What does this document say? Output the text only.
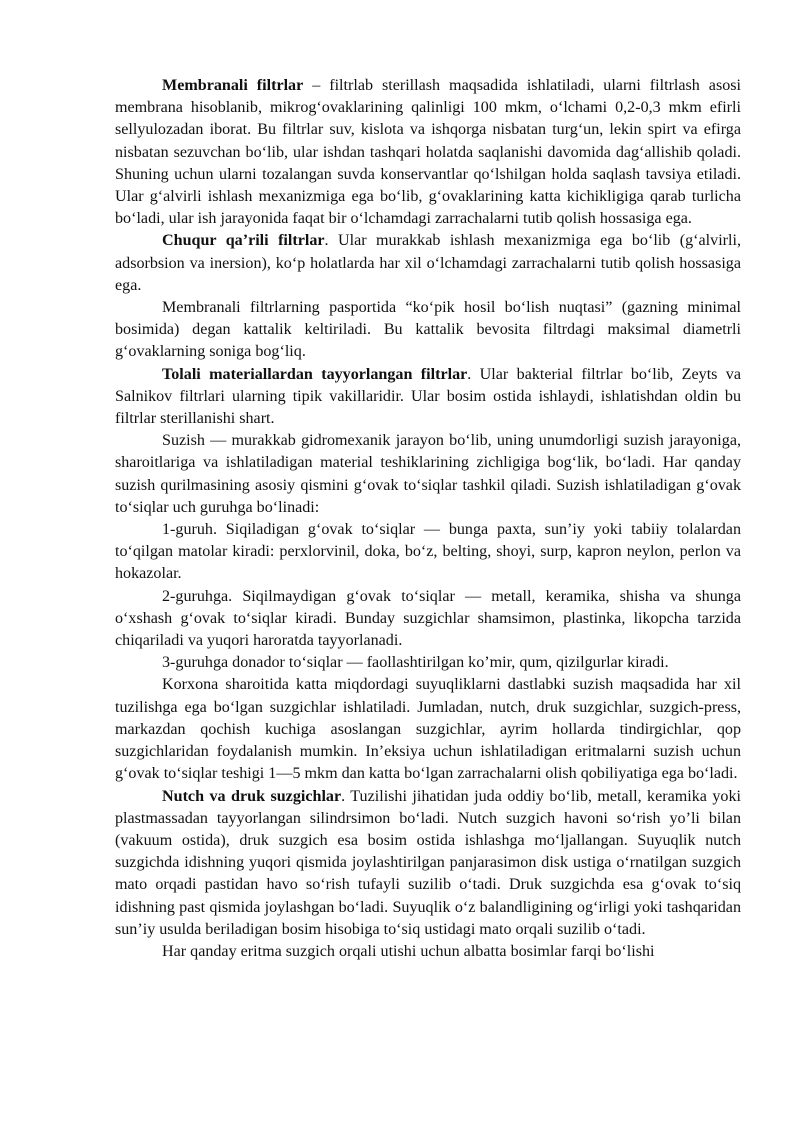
Membranali filtrlar – filtrlab sterillash maqsadida ishlatiladi, ularni filtrlash asosi membrana hisoblanib, mikrog‘ovaklarining qalinligi 100 mkm, o‘lchami 0,2-0,3 mkm efirli sellyulozadan iborat. Bu filtrlar suv, kislota va ishqorga nisbatan turg‘un, lekin spirt va efirga nisbatan sezuvchan bo‘lib, ular ishdan tashqari holatda saqlanishi davomida dag‘allishib qoladi. Shuning uchun ularni tozalangan suvda konservantlar qo‘lshilgan holda saqlash tavsiya etiladi. Ular g‘alvirli ishlash mexanizmiga ega bo‘lib, g‘ovaklarining katta kichikligiga qarab turlicha bo‘ladi, ular ish jarayonida faqat bir o‘lchamdagi zarrachalarni tutib qolish hossasiga ega.

Chuqur qa’rili filtrlar. Ular murakkab ishlash mexanizmiga ega bo‘lib (g‘alvirli, adsorbsion va inersion), ko‘p holatlarda har xil o‘lchamdagi zarrachalarni tutib qolish hossasiga ega.

Membranali filtrlarning pasportida “ko‘pik hosil bo‘lish nuqtasi” (gazning minimal bosimida) degan kattalik keltiriladi. Bu kattalik bevosita filtrdagi maksimal diametrli g‘ovaklarning soniga bog‘liq.

Tolali materiallardan tayyorlangan filtrlar. Ular bakterial filtrlar bo‘lib, Zeyts va Salnikov filtrlari ularning tipik vakillaridir. Ular bosim ostida ishlaydi, ishlatishdan oldin bu filtrlar sterillanishi shart.

Suzish — murakkab gidromexanik jarayon bo‘lib, uning unumdorligi suzish jarayoniga, sharoitlariga va ishlatiladigan material teshiklarining zichligiga bog‘lik, bo‘ladi. Har qanday suzish qurilmasining asosiy qismini g‘ovak to‘siqlar tashkil qiladi. Suzish ishlatiladigan g‘ovak to‘siqlar uch guruhga bo‘linadi:

1-guruh. Siqiladigan g‘ovak to‘siqlar — bunga paxta, sun’iy yoki tabiiy tolalardan to‘qilgan matolar kiradi: perxlorvinil, doka, bo‘z, belting, shoyi, surp, kapron neylon, perlon va hokazolar.

2-guruhga. Siqilmaydigan g‘ovak to‘siqlar — metall, keramika, shisha va shunga o‘xshash g‘ovak to‘siqlar kiradi. Bunday suzgichlar shamsimon, plastinka, likopcha tarzida chiqariladi va yuqori haroratda tayyorlanadi.

3-guruhga donador to‘siqlar — faollashtirilgan ko’mir, qum, qizilgurlar kiradi.

Korxona sharoitida katta miqdordagi suyuqliklarni dastlabki suzish maqsadida har xil tuzilishga ega bo‘lgan suzgichlar ishlatiladi. Jumladan, nutch, druk suzgichlar, suzgich-press, markazdan qochish kuchiga asoslangan suzgichlar, ayrim hollarda tindirgichlar, qop suzgichlaridan foydalanish mumkin. In’eksiya uchun ishlatiladigan eritmalarni suzish uchun g‘ovak to‘siqlar teshigi 1—5 mkm dan katta bo‘lgan zarrachalarni olish qobiliyatiga ega bo‘ladi.

Nutch va druk suzgichlar. Tuzilishi jihatidan juda oddiy bo‘lib, metall, keramika yoki plastmassadan tayyorlangan silindrsimon bo‘ladi. Nutch suzgich havoni so‘rish yo’li bilan (vakuum ostida), druk suzgich esa bosim ostida ishlashga mo‘ljallangan. Suyuqlik nutch suzgichda idishning yuqori qismida joylashtirilgan panjarasimon disk ustiga o‘rnatilgan suzgich mato orqadi pastidan havo so‘rish tufayli suzilib o‘tadi. Druk suzgichda esa g‘ovak to‘siq idishning past qismida joylashgan bo‘ladi. Suyuqlik o‘z balandligining og‘irligi yoki tashqaridan sun’iy usulda beriladigan bosim hisobiga to‘siq ustidagi mato orqali suzilib o‘tadi.

Har qanday eritma suzgich orqali utishi uchun albatta bosimlar farqi bo‘lishi
